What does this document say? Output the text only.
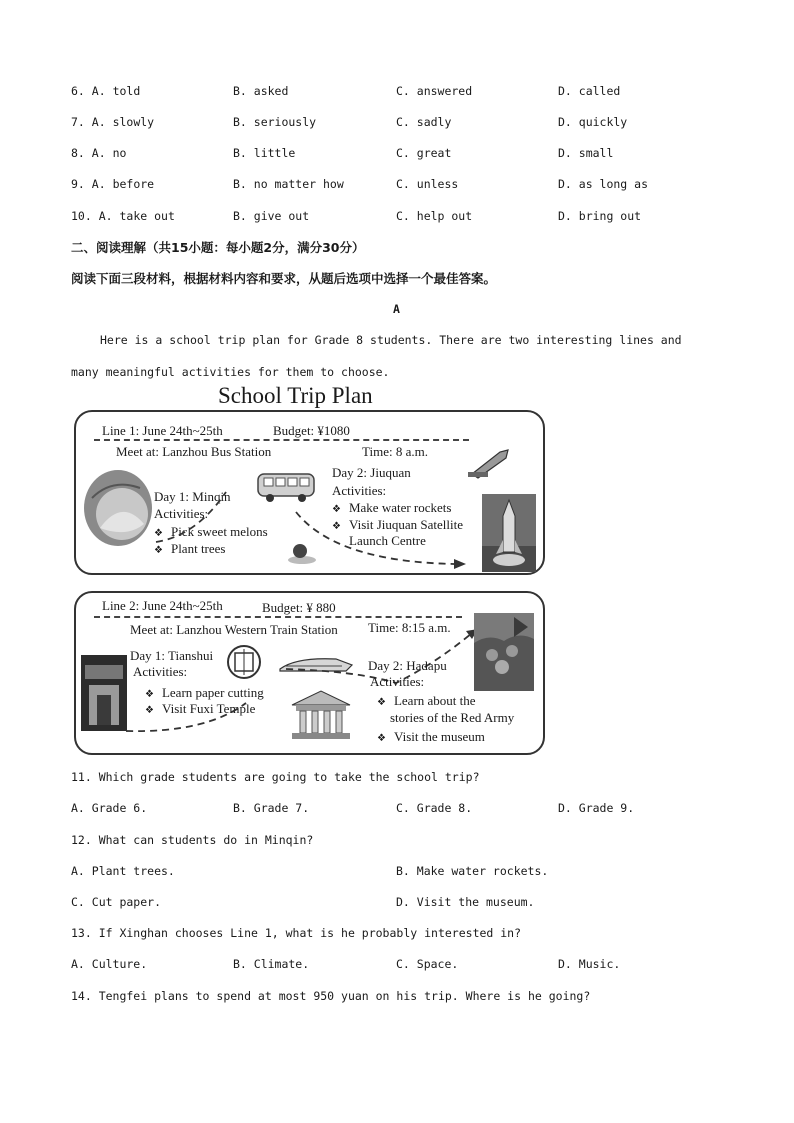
6. A. told	B. asked	C. answered	D. called
7. A. slowly	B. seriously	C. sadly	D. quickly
8. A. no	B. little	C. great	D. small
9. A. before	B. no matter how	C. unless	D. as long as
10. A. take out	B. give out	C. help out	D. bring out
二、阅读理解（共15小题：每小题2分，满分30分）
阅读下面三段材料，根据材料内容和要求，从题后选项中选择一个最佳答案。
A
Here is a school trip plan for Grade 8 students. There are two interesting lines and
many meaningful activities for them to choose.
School Trip Plan
Line 1: June 24th~25th	Budget: ¥1080
Meet at: Lanzhou Bus Station	Time: 8 a.m.
Day 1: Minqin
Activities:
❖ Pick sweet melons
❖ Plant trees
Day 2: Jiuquan
Activities:
❖ Make water rockets
❖ Visit Jiuquan Satellite
Launch Centre
Line 2: June 24th~25th	Budget: ¥ 880
Meet at: Lanzhou Western Train Station Time: 8:15 a.m.
Day 1: Tianshui
Activities:
❖ Learn paper cutting
❖ Visit Fuxi Temple
Day 2: Hadapu
Activities:
❖ Learn about the
stories of the Red Army
❖ Visit the museum
11. Which grade students are going to take the school trip?
A. Grade 6.	B. Grade 7.	C. Grade 8.	D. Grade 9.
12. What can students do in Minqin?
A. Plant trees.	B. Make water rockets.
C. Cut paper.	D. Visit the museum.
13. If Xinghan chooses Line 1, what is he probably interested in?
A. Culture.	B. Climate.	C. Space.	D. Music.
14. Tengfei plans to spend at most 950 yuan on his trip. Where is he going?
